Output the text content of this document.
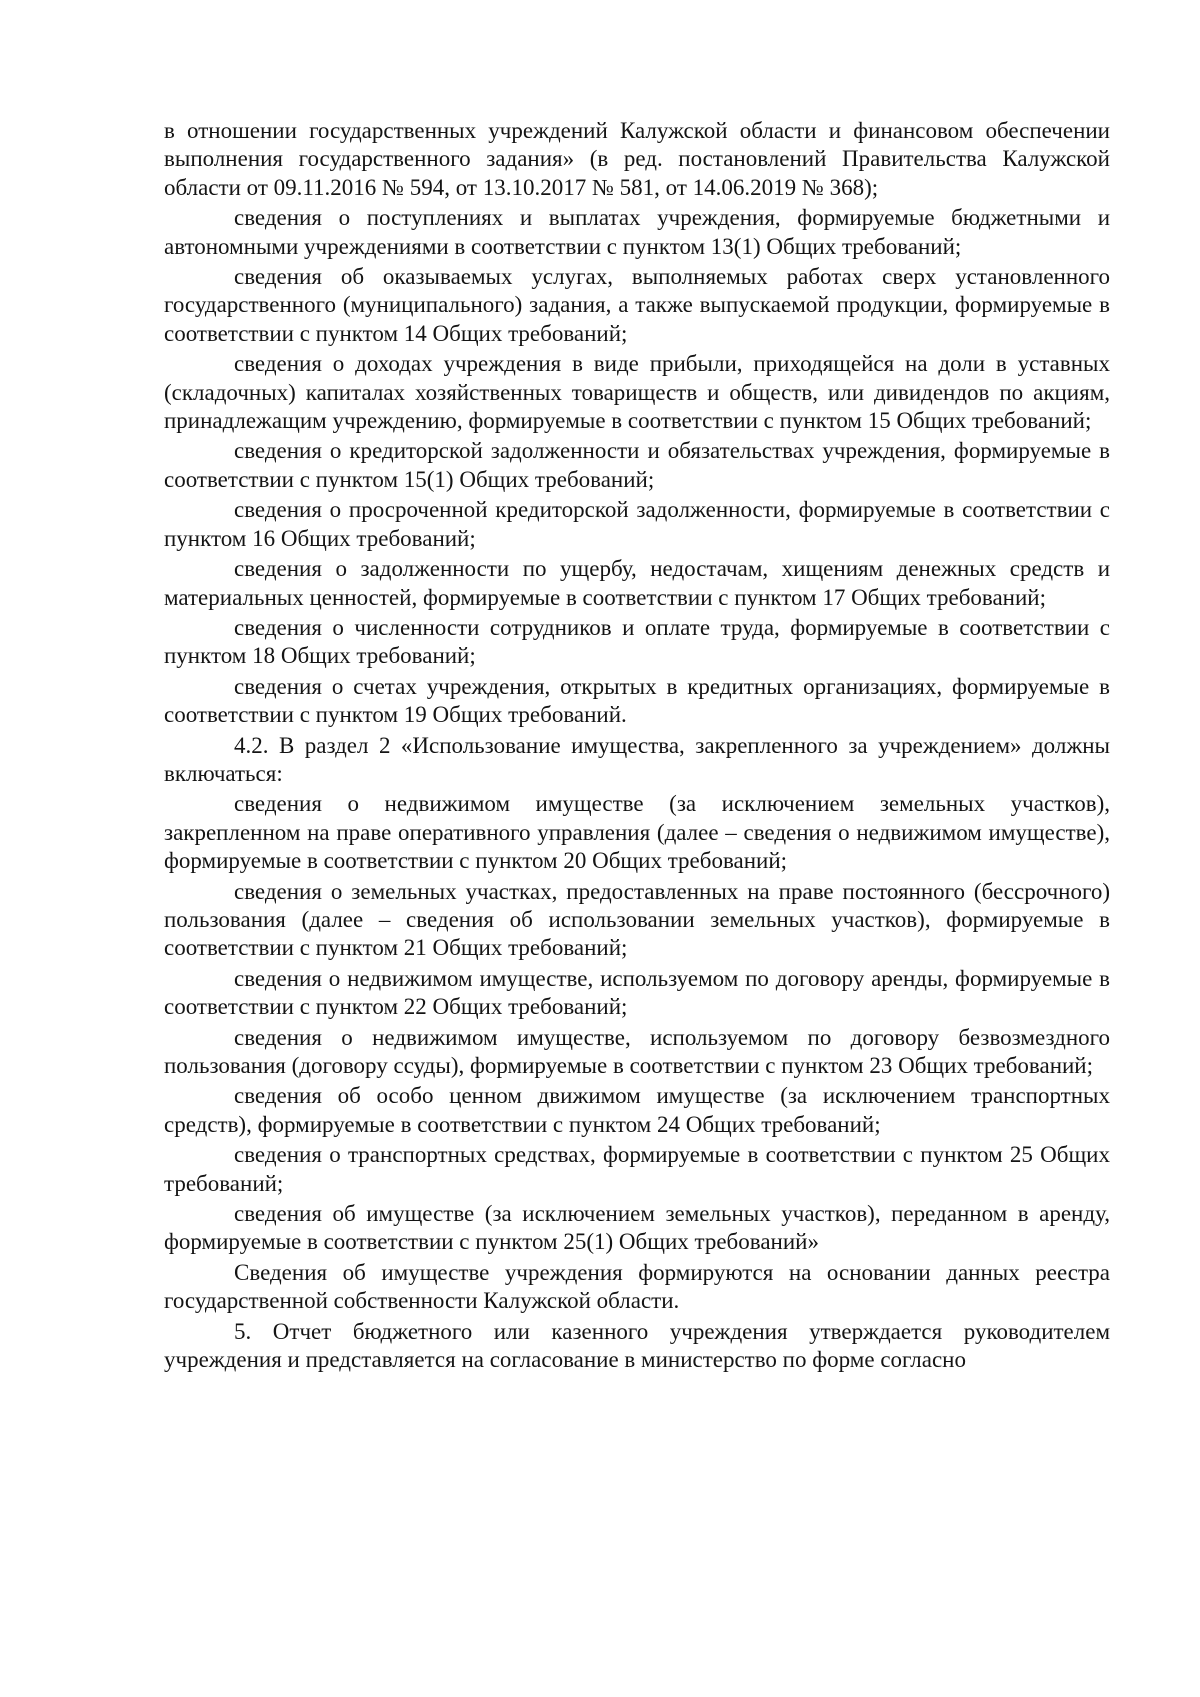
в отношении государственных учреждений Калужской области и финансовом обеспечении выполнения государственного задания» (в ред. постановлений Правительства Калужской области от 09.11.2016 № 594, от 13.10.2017 № 581, от 14.06.2019 № 368);

сведения о поступлениях и выплатах учреждения, формируемые бюджетными и автономными учреждениями в соответствии с пунктом 13(1) Общих требований;

сведения об оказываемых услугах, выполняемых работах сверх установленного государственного (муниципального) задания, а также выпускаемой продукции, формируемые в соответствии с пунктом 14 Общих требований;

сведения о доходах учреждения в виде прибыли, приходящейся на доли в уставных (складочных) капиталах хозяйственных товариществ и обществ, или дивидендов по акциям, принадлежащим учреждению, формируемые в соответствии с пунктом 15 Общих требований;

сведения о кредиторской задолженности и обязательствах учреждения, формируемые в соответствии с пунктом 15(1) Общих требований;

сведения о просроченной кредиторской задолженности, формируемые в соответствии с пунктом 16 Общих требований;

сведения о задолженности по ущербу, недостачам, хищениям денежных средств и материальных ценностей, формируемые в соответствии с пунктом 17 Общих требований;

сведения о численности сотрудников и оплате труда, формируемые в соответствии с пунктом 18 Общих требований;

сведения о счетах учреждения, открытых в кредитных организациях, формируемые в соответствии с пунктом 19 Общих требований.

4.2. В раздел 2 «Использование имущества, закрепленного за учреждением» должны включаться:

сведения о недвижимом имуществе (за исключением земельных участков), закрепленном на праве оперативного управления (далее – сведения о недвижимом имуществе), формируемые в соответствии с пунктом 20 Общих требований;

сведения о земельных участках, предоставленных на праве постоянного (бессрочного) пользования (далее – сведения об использовании земельных участков), формируемые в соответствии с пунктом 21 Общих требований;

сведения о недвижимом имуществе, используемом по договору аренды, формируемые в соответствии с пунктом 22 Общих требований;

сведения о недвижимом имуществе, используемом по договору безвозмездного пользования (договору ссуды), формируемые в соответствии с пунктом 23 Общих требований;

сведения об особо ценном движимом имуществе (за исключением транспортных средств), формируемые в соответствии с пунктом 24 Общих требований;

сведения о транспортных средствах, формируемые в соответствии с пунктом 25 Общих требований;

сведения об имуществе (за исключением земельных участков), переданном в аренду, формируемые в соответствии с пунктом 25(1) Общих требований»

Сведения об имуществе учреждения формируются на основании данных реестра государственной собственности Калужской области.

5. Отчет бюджетного или казенного учреждения утверждается руководителем учреждения и представляется на согласование в министерство по форме согласно
